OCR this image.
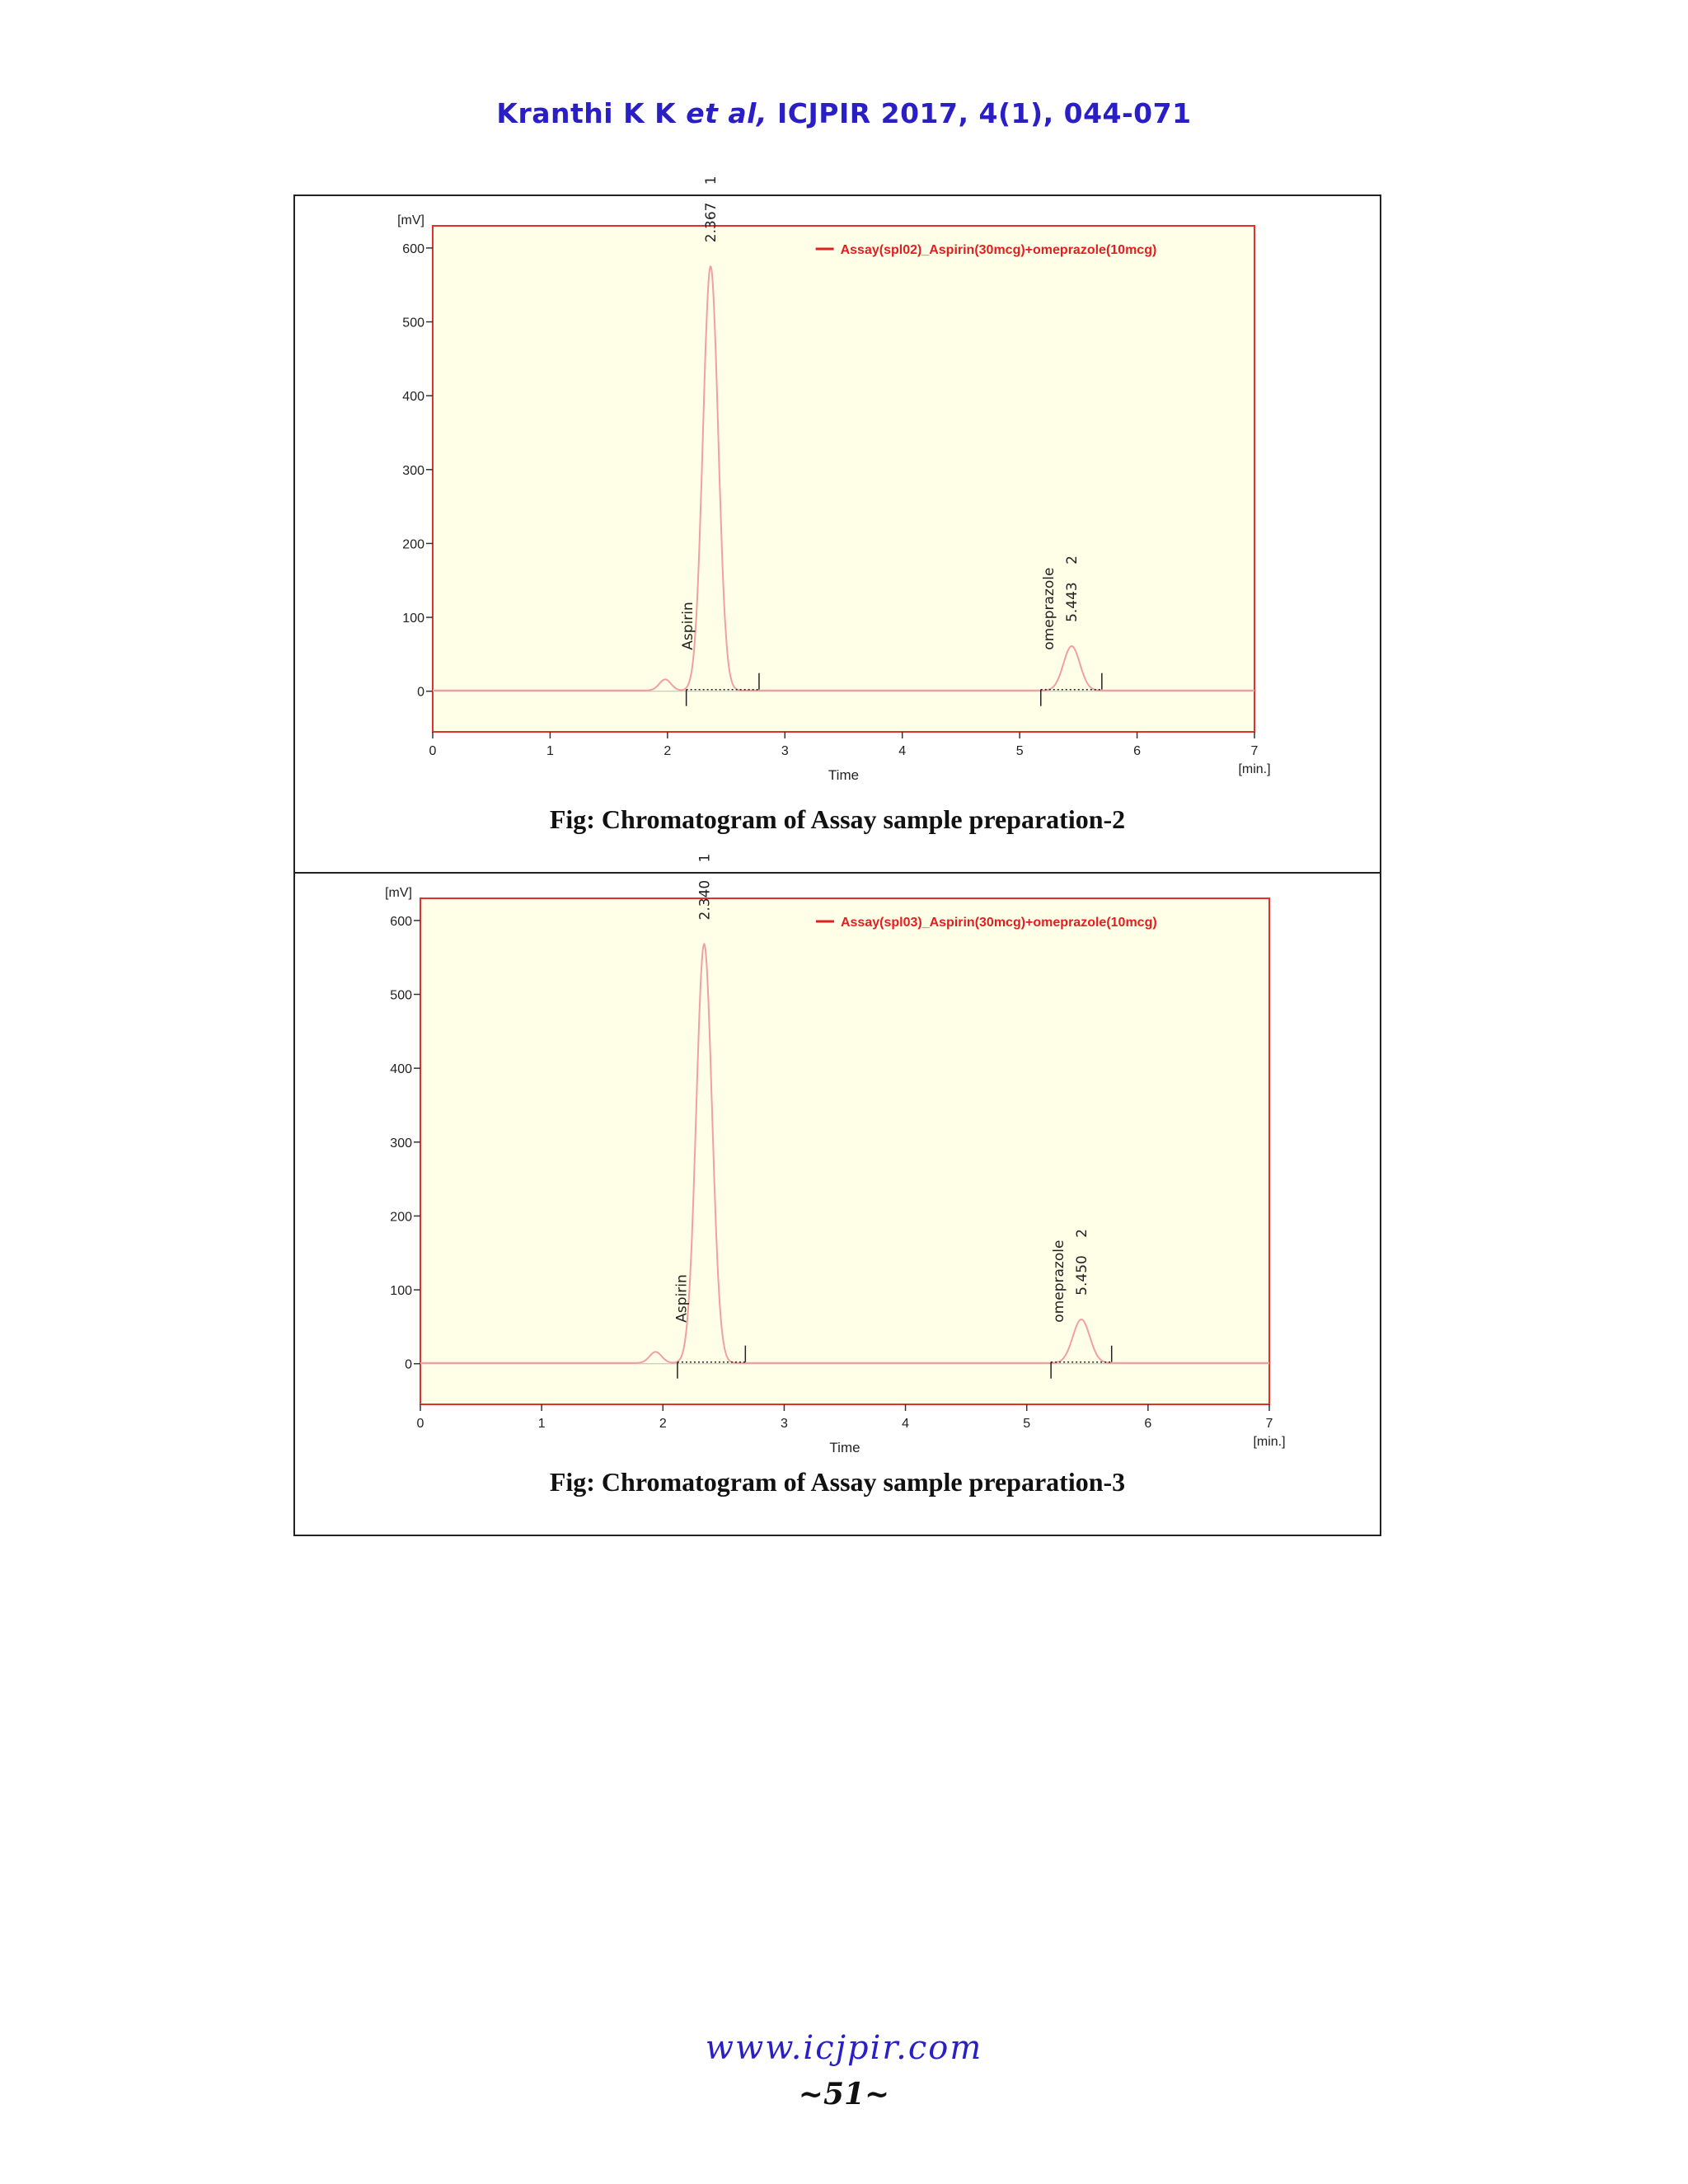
Kranthi K K et al, ICJPIR 2017, 4(1), 044-071
0
100
200
300
400
500
600
[mV]
0	1	2	3	4	5	6	7
Time	[min.]
2.367
1
Aspirin	5.443
2
omeprazole
Assay(spl02)_Aspirin(30mcg)+omeprazole(10mcg)
Fig: Chromatogram of Assay sample preparation-2
0
100
200
300
400
500
600
[mV]
0	1	2	3	4	5	6	7
Time	[min.]
2.340
1
Aspirin	5.450
2
omeprazole
Assay(spl03)_Aspirin(30mcg)+omeprazole(10mcg)
Fig: Chromatogram of Assay sample preparation-3
www.icjpir.com
~51~
